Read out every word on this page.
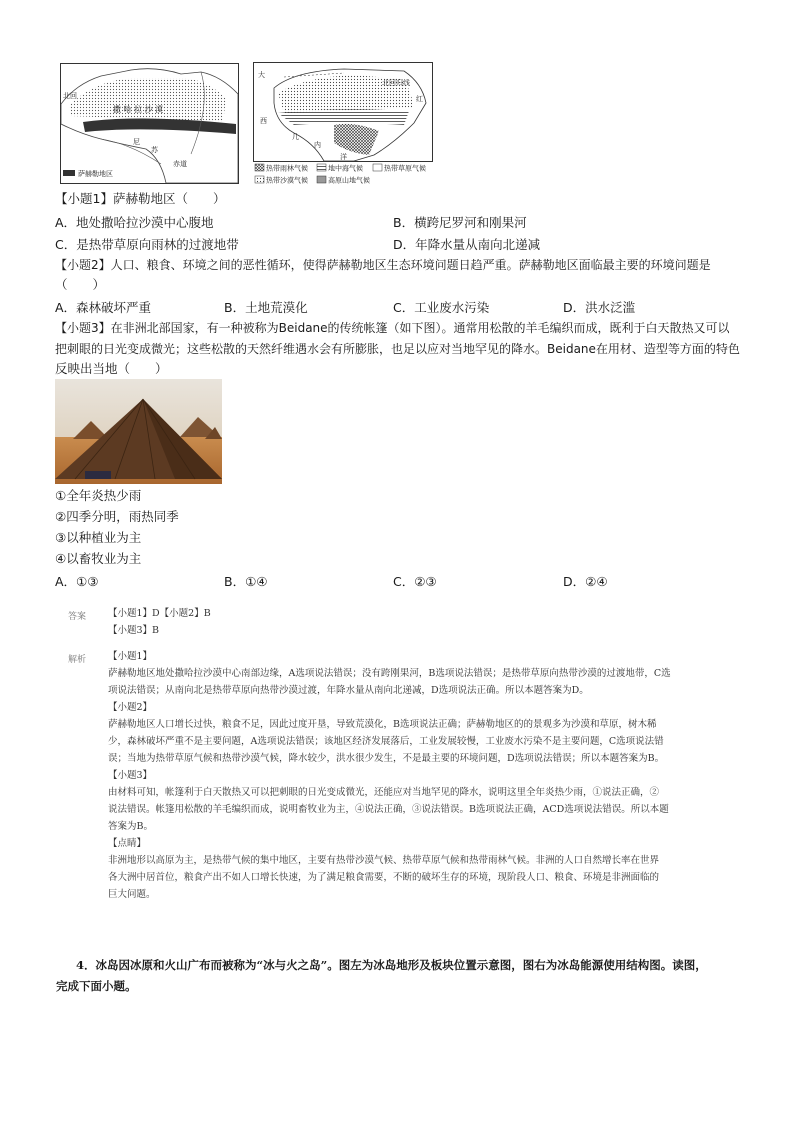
北回
撒 哈 拉 沙 漠
尼
苏
赤道
萨赫勒地区
大
北回归线
红
西
几
内
洋
热带雨林气候	地中海气候	热带草原气候
热带沙漠气候	高原山地气候
【小题1】萨赫勒地区（　　）
A．地处撒哈拉沙漠中心腹地	B．横跨尼罗河和刚果河
C．是热带草原向雨林的过渡地带	D．年降水量从南向北递减
【小题2】人口、粮食、环境之间的恶性循环，使得萨赫勒地区生态环境问题日趋严重。萨赫勒地区面临最主要的环境问题是
（　　）
A．森林破坏严重	B．土地荒漠化	C．工业废水污染	D．洪水泛滥
【小题3】在非洲北部国家，有一种被称为Beidane的传统帐篷（如下图）。通常用松散的羊毛编织而成，既利于白天散热又可以
把刺眼的日光变成微光；这些松散的天然纤维遇水会有所膨胀，也足以应对当地罕见的降水。Beidane在用材、造型等方面的特色
反映出当地（　　）
①全年炎热少雨
②四季分明，雨热同季
③以种植业为主
④以畜牧业为主
A．①③	B．①④	C．②③	D．②④
答案 【小题1】D【小题2】B
【小题3】B
解析 【小题1】
萨赫勒地区地处撒哈拉沙漠中心南部边缘，A选项说法错误；没有跨刚果河，B选项说法错误；是热带草原向热带沙漠的过渡地带，C选
项说法错误；从南向北是热带草原向热带沙漠过渡，年降水量从南向北递减，D选项说法正确。所以本题答案为D。
【小题2】
萨赫勒地区人口增长过快，粮食不足，因此过度开垦，导致荒漠化，B选项说法正确；萨赫勒地区的的景观多为沙漠和草原，树木稀
少，森林破坏严重不是主要问题，A选项说法错误；该地区经济发展落后，工业发展较慢，工业废水污染不是主要问题，C选项说法错
误；当地为热带草原气候和热带沙漠气候，降水较少，洪水很少发生，不是最主要的环境问题，D选项说法错误；所以本题答案为B。
【小题3】
由材料可知，帐篷利于白天散热又可以把刺眼的日光变成微光，还能应对当地罕见的降水，说明这里全年炎热少雨，①说法正确，②
说法错误。帐篷用松散的羊毛编织而成，说明畜牧业为主，④说法正确，③说法错误。B选项说法正确，ACD选项说法错误。所以本题
答案为B。
【点睛】
非洲地形以高原为主，是热带气候的集中地区，主要有热带沙漠气候、热带草原气候和热带雨林气候。非洲的人口自然增长率在世界
各大洲中居首位，粮食产出不如人口增长快速，为了满足粮食需要，不断的破坏生存的环境，现阶段人口、粮食、环境是非洲面临的
巨大问题。
4．冰岛因冰原和火山广布而被称为“冰与火之岛”。图左为冰岛地形及板块位置示意图，图右为冰岛能源使用结构图。读图，
完成下面小题。
